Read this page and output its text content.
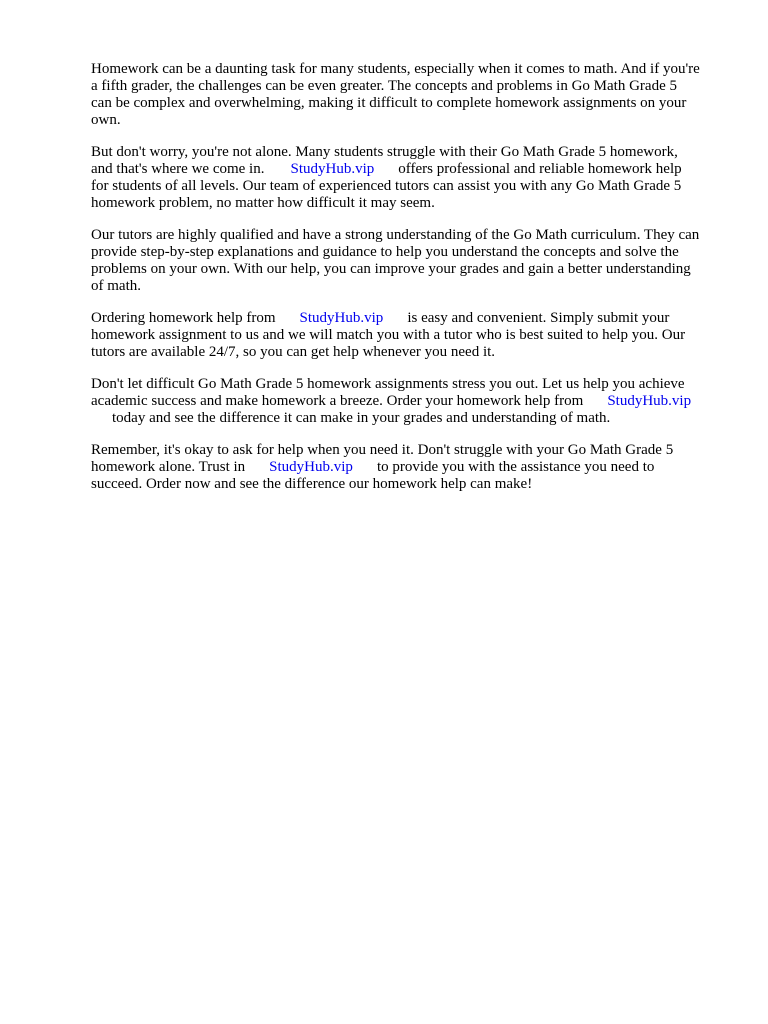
Homework can be a daunting task for many students, especially when it comes to math. And if you're
a fifth grader, the challenges can be even greater. The concepts and problems in Go Math Grade 5
can be complex and overwhelming, making it difficult to complete homework assignments on your
own.

But don't worry, you're not alone. Many students struggle with their Go Math Grade 5 homework,
and that's where we come in. StudyHub.vip offers professional and reliable homework help
for students of all levels. Our team of experienced tutors can assist you with any Go Math Grade 5
homework problem, no matter how difficult it may seem.

Our tutors are highly qualified and have a strong understanding of the Go Math curriculum. They can
provide step-by-step explanations and guidance to help you understand the concepts and solve the
problems on your own. With our help, you can improve your grades and gain a better understanding
of math.

Ordering homework help from StudyHub.vip is easy and convenient. Simply submit your
homework assignment to us and we will match you with a tutor who is best suited to help you. Our
tutors are available 24/7, so you can get help whenever you need it.

Don't let difficult Go Math Grade 5 homework assignments stress you out. Let us help you achieve
academic success and make homework a breeze. Order your homework help from StudyHub.vip
today and see the difference it can make in your grades and understanding of math.

Remember, it's okay to ask for help when you need it. Don't struggle with your Go Math Grade 5
homework alone. Trust in StudyHub.vip to provide you with the assistance you need to
succeed. Order now and see the difference our homework help can make!
